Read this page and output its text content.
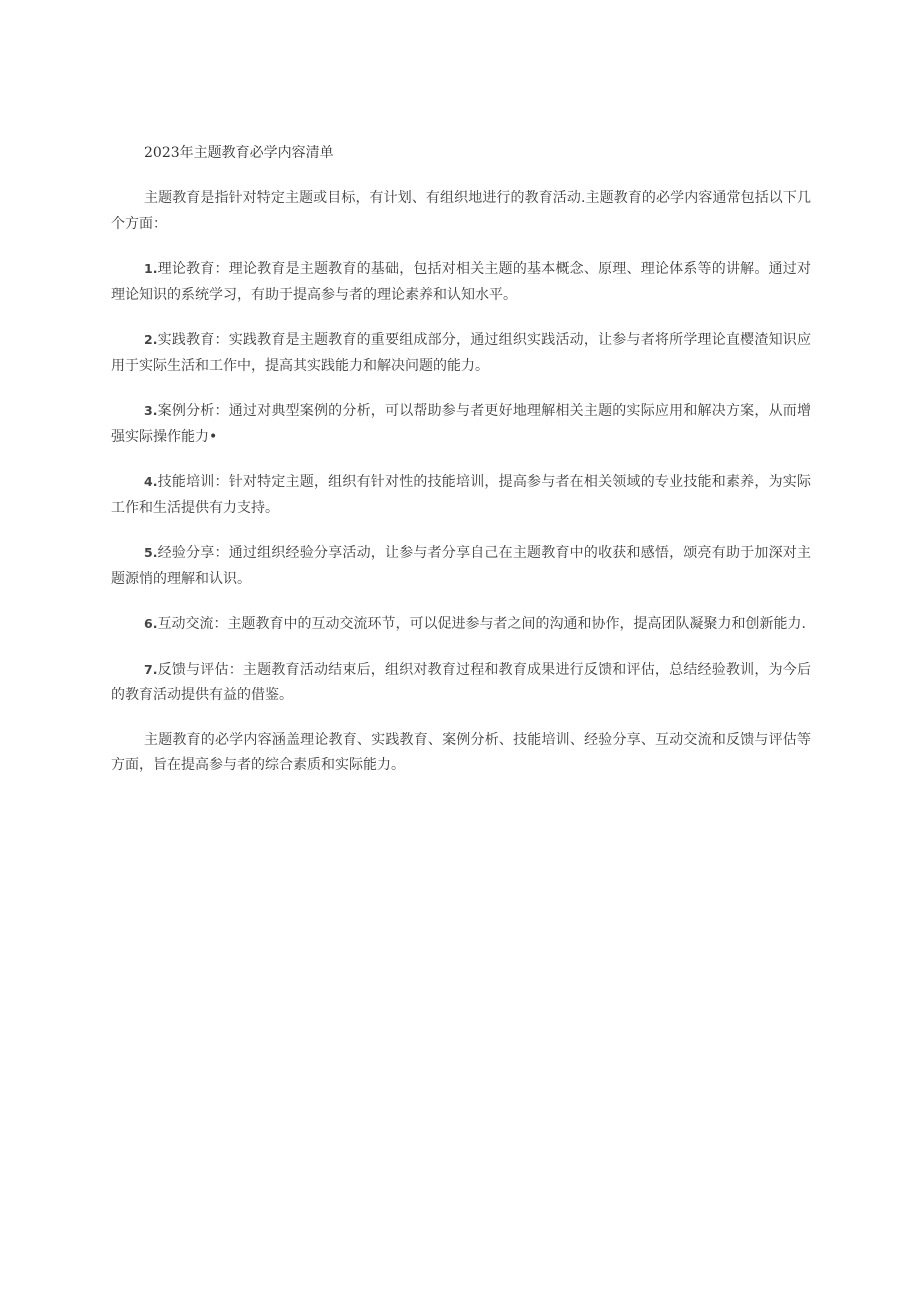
2023年主题教育必学内容清单

主题教育是指针对特定主题或目标，有计划、有组织地进行的教育活动.主题教育的必学内容通常包括以下几个方面：

1.理论教育：理论教育是主题教育的基础，包括对相关主题的基本概念、原理、理论体系等的讲解。通过对理论知识的系统学习，有助于提高参与者的理论素养和认知水平。

2.实践教育：实践教育是主题教育的重要组成部分，通过组织实践活动，让参与者将所学理论直樱渣知识应用于实际生活和工作中，提高其实践能力和解决问题的能力。

3.案例分析：通过对典型案例的分析，可以帮助参与者更好地理解相关主题的实际应用和解决方案，从而增强实际操作能力•

4.技能培训：针对特定主题，组织有针对性的技能培训，提高参与者在相关领域的专业技能和素养，为实际工作和生活提供有力支持。

5.经验分享：通过组织经验分享活动，让参与者分享自己在主题教育中的收获和感悟，颂亮有助于加深对主题源悄的理解和认识。

6.互动交流：主题教育中的互动交流环节，可以促进参与者之间的沟通和协作，提高团队凝聚力和创新能力.

7.反馈与评估：主题教育活动结束后，组织对教育过程和教育成果进行反馈和评估，总结经验教训，为今后的教育活动提供有益的借鉴。

主题教育的必学内容涵盖理论教育、实践教育、案例分析、技能培训、经验分享、互动交流和反馈与评估等方面，旨在提高参与者的综合素质和实际能力。
